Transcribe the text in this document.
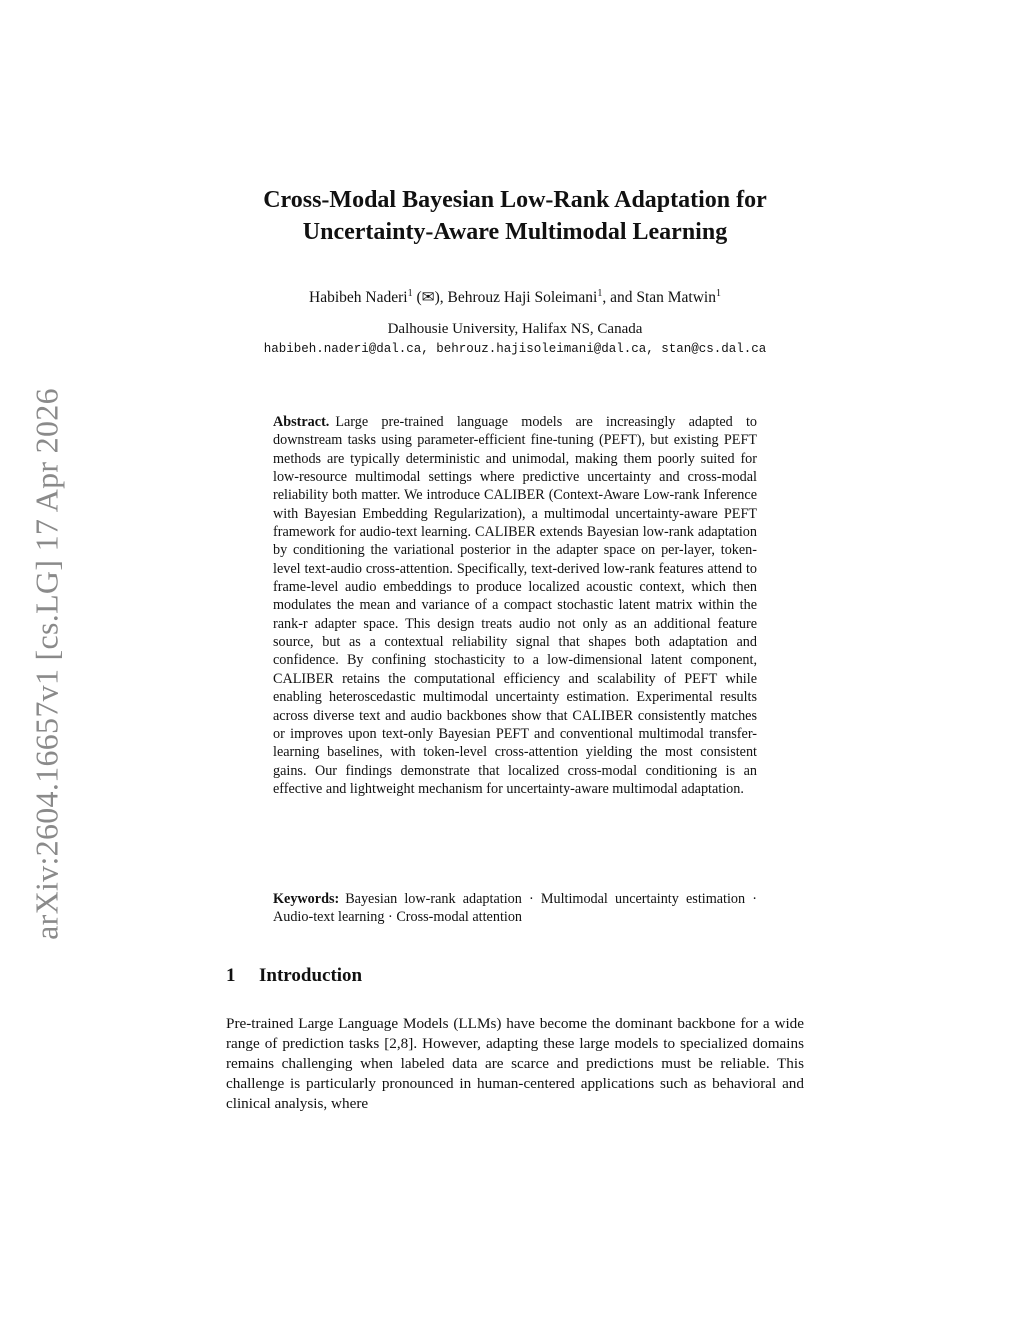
arXiv:2604.16657v1 [cs.LG] 17 Apr 2026
Cross-Modal Bayesian Low-Rank Adaptation for
Uncertainty-Aware Multimodal Learning
Habibeh Naderi$^1$ (✉), Behrouz Haji Soleimani$^1$, and Stan Matwin$^1$
Dalhousie University, Halifax NS, Canada
habibeh.naderi@dal.ca, behrouz.hajisoleimani@dal.ca, stan@cs.dal.ca
Abstract. Large pre-trained language models are increasingly adapted to downstream tasks using parameter-efficient fine-tuning (PEFT), but existing PEFT methods are typically deterministic and unimodal, making them poorly suited for low-resource multimodal settings where predictive uncertainty and cross-modal reliability both matter. We introduce CALIBER (Context-Aware Low-rank Inference with Bayesian Embedding Regularization), a multimodal uncertainty-aware PEFT framework for audio-text learning. CALIBER extends Bayesian low-rank adaptation by conditioning the variational posterior in the adapter space on per-layer, token-level text-audio cross-attention. Specifically, text-derived low-rank features attend to frame-level audio embeddings to produce localized acoustic context, which then modulates the mean and variance of a compact stochastic latent matrix within the rank-r adapter space. This design treats audio not only as an additional feature source, but as a contextual reliability signal that shapes both adaptation and confidence. By confining stochasticity to a low-dimensional latent component, CALIBER retains the computational efficiency and scalability of PEFT while enabling heteroscedastic multimodal uncertainty estimation. Experimental results across diverse text and audio backbones show that CALIBER consistently matches or improves upon text-only Bayesian PEFT and conventional multimodal transfer-learning baselines, with token-level cross-attention yielding the most consistent gains. Our findings demonstrate that localized cross-modal conditioning is an effective and lightweight mechanism for uncertainty-aware multimodal adaptation.
Keywords: Bayesian low-rank adaptation · Multimodal uncertainty estimation · Audio-text learning · Cross-modal attention
1 Introduction

Pre-trained Large Language Models (LLMs) have become the dominant backbone for a wide range of prediction tasks [2,8]. However, adapting these large models to specialized domains remains challenging when labeled data are scarce and predictions must be reliable. This challenge is particularly pronounced in human-centered applications such as behavioral and clinical analysis, where
